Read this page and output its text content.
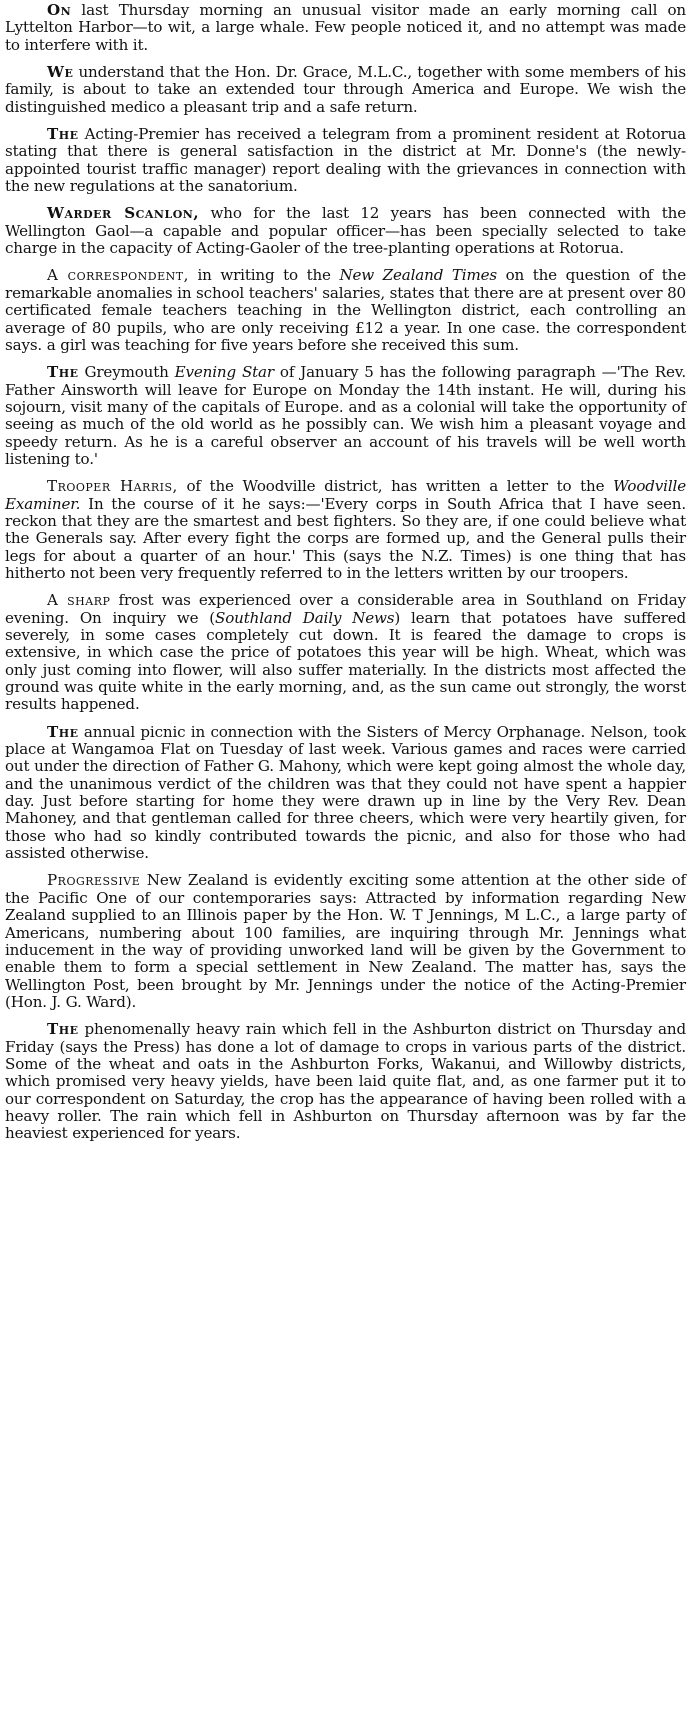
On last Thursday morning an unusual visitor made an early morning call on Lyttelton Harbor—to wit, a large whale. Few people noticed it, and no attempt was made to interfere with it.

We understand that the Hon. Dr. Grace, M.L.C., together with some members of his family, is about to take an extended tour through America and Europe. We wish the distinguished medico a pleasant trip and a safe return.

The Acting-Premier has received a telegram from a prominent resident at Rotorua stating that there is general satisfaction in the district at Mr. Donne's (the newly-appointed tourist traffic manager) report dealing with the grievances in connection with the new regulations at the sanatorium.

Warder Scanlon, who for the last 12 years has been connected with the Wellington Gaol—a capable and popular officer—has been specially selected to take charge in the capacity of Acting-Gaoler of the tree-planting operations at Rotorua.

A correspondent, in writing to the New Zealand Times on the question of the remarkable anomalies in school teachers' salaries, states that there are at present over 80 certificated female teachers teaching in the Wellington district, each controlling an average of 80 pupils, who are only receiving £12 a year. In one case. the correspondent says. a girl was teaching for five years before she received this sum.

The Greymouth Evening Star of January 5 has the following paragraph —'The Rev. Father Ainsworth will leave for Europe on Monday the 14th instant. He will, during his sojourn, visit many of the capitals of Europe. and as a colonial will take the opportunity of seeing as much of the old world as he possibly can. We wish him a pleasant voyage and speedy return. As he is a careful observer an account of his travels will be well worth listening to.'

Trooper Harris, of the Woodville district, has written a letter to the Woodville Examiner. In the course of it he says:—'Every corps in South Africa that I have seen. reckon that they are the smartest and best fighters. So they are, if one could believe what the Generals say. After every fight the corps are formed up, and the General pulls their legs for about a quarter of an hour.' This (says the N.Z. Times) is one thing that has hitherto not been very frequently referred to in the letters written by our troopers.

A sharp frost was experienced over a considerable area in Southland on Friday evening. On inquiry we (Southland Daily News) learn that potatoes have suffered severely, in some cases completely cut down. It is feared the damage to crops is extensive, in which case the price of potatoes this year will be high. Wheat, which was only just coming into flower, will also suffer materially. In the districts most affected the ground was quite white in the early morning, and, as the sun came out strongly, the worst results happened.

The annual picnic in connection with the Sisters of Mercy Orphanage. Nelson, took place at Wangamoa Flat on Tuesday of last week. Various games and races were carried out under the direction of Father G. Mahony, which were kept going almost the whole day, and the unanimous verdict of the children was that they could not have spent a happier day. Just before starting for home they were drawn up in line by the Very Rev. Dean Mahoney, and that gentleman called for three cheers, which were very heartily given, for those who had so kindly contributed towards the picnic, and also for those who had assisted otherwise.

Progressive New Zealand is evidently exciting some attention at the other side of the Pacific One of our contemporaries says: Attracted by information regarding New Zealand supplied to an Illinois paper by the Hon. W. T Jennings, M L.C., a large party of Americans, numbering about 100 families, are inquiring through Mr. Jennings what inducement in the way of providing unworked land will be given by the Government to enable them to form a special settlement in New Zealand. The matter has, says the Wellington Post, been brought by Mr. Jennings under the notice of the Acting-Premier (Hon. J. G. Ward).

The phenomenally heavy rain which fell in the Ashburton district on Thursday and Friday (says the Press) has done a lot of damage to crops in various parts of the district. Some of the wheat and oats in the Ashburton Forks, Wakanui, and Willowby districts, which promised very heavy yields, have been laid quite flat, and, as one farmer put it to our correspondent on Saturday, the crop has the appearance of having been rolled with a heavy roller. The rain which fell in Ashburton on Thursday afternoon was by far the heaviest experienced for years.
